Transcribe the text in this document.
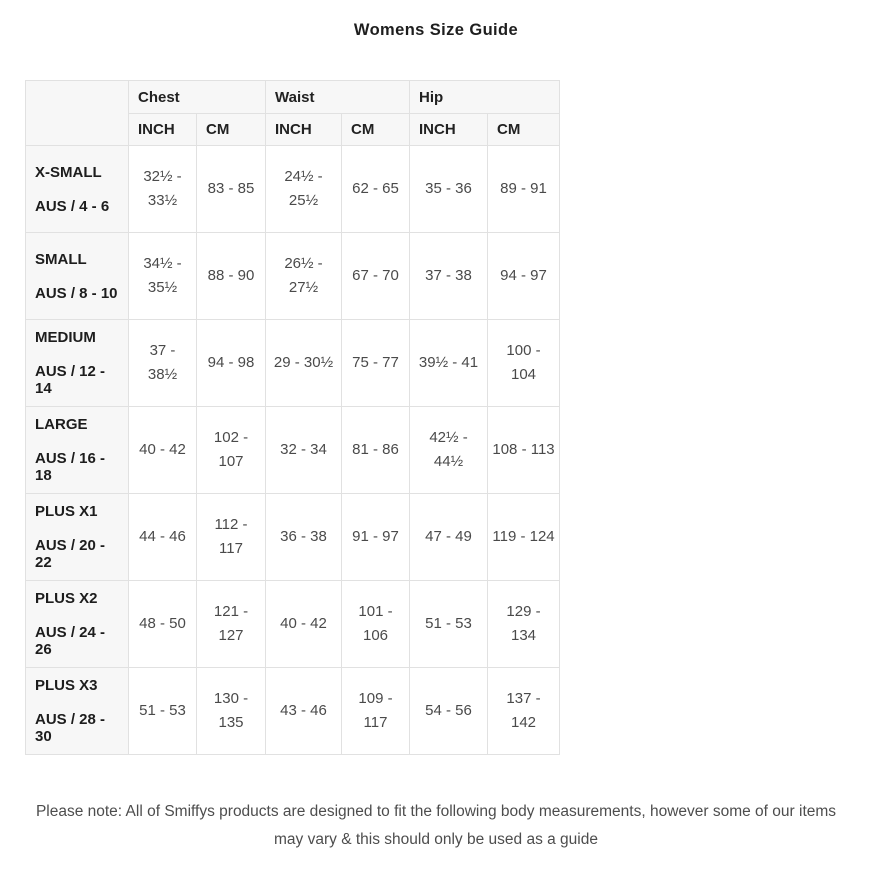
Womens Size Guide
	Chest		Waist		Hip	
	INCH	CM	INCH	CM	INCH	CM

X-SMALL
AUS / 4 - 6	32½ - 33½	83 - 85	24½ - 25½	62 - 65	35 - 36	89 - 91

SMALL
AUS / 8 - 10	34½ - 35½	88 - 90	26½ - 27½	67 - 70	37 - 38	94 - 97

MEDIUM
AUS / 12 - 14	37 - 38½	94 - 98	29 - 30½	75 - 77	39½ - 41	100 - 104

LARGE
AUS / 16 - 18	40 - 42	102 - 107	32 - 34	81 - 86	42½ - 44½	108 - 113

PLUS X1
AUS / 20 - 22	44 - 46	112 - 117	36 - 38	91 - 97	47 - 49	119 - 124

PLUS X2
AUS / 24 - 26	48 - 50	121 - 127	40 - 42	101 - 106	51 - 53	129 - 134

PLUS X3
AUS / 28 - 30	51 - 53	130 - 135	43 - 46	109 - 117	54 - 56	137 - 142
Please note: All of Smiffys products are designed to fit the following body measurements, however some of our items
may vary & this should only be used as a guide
